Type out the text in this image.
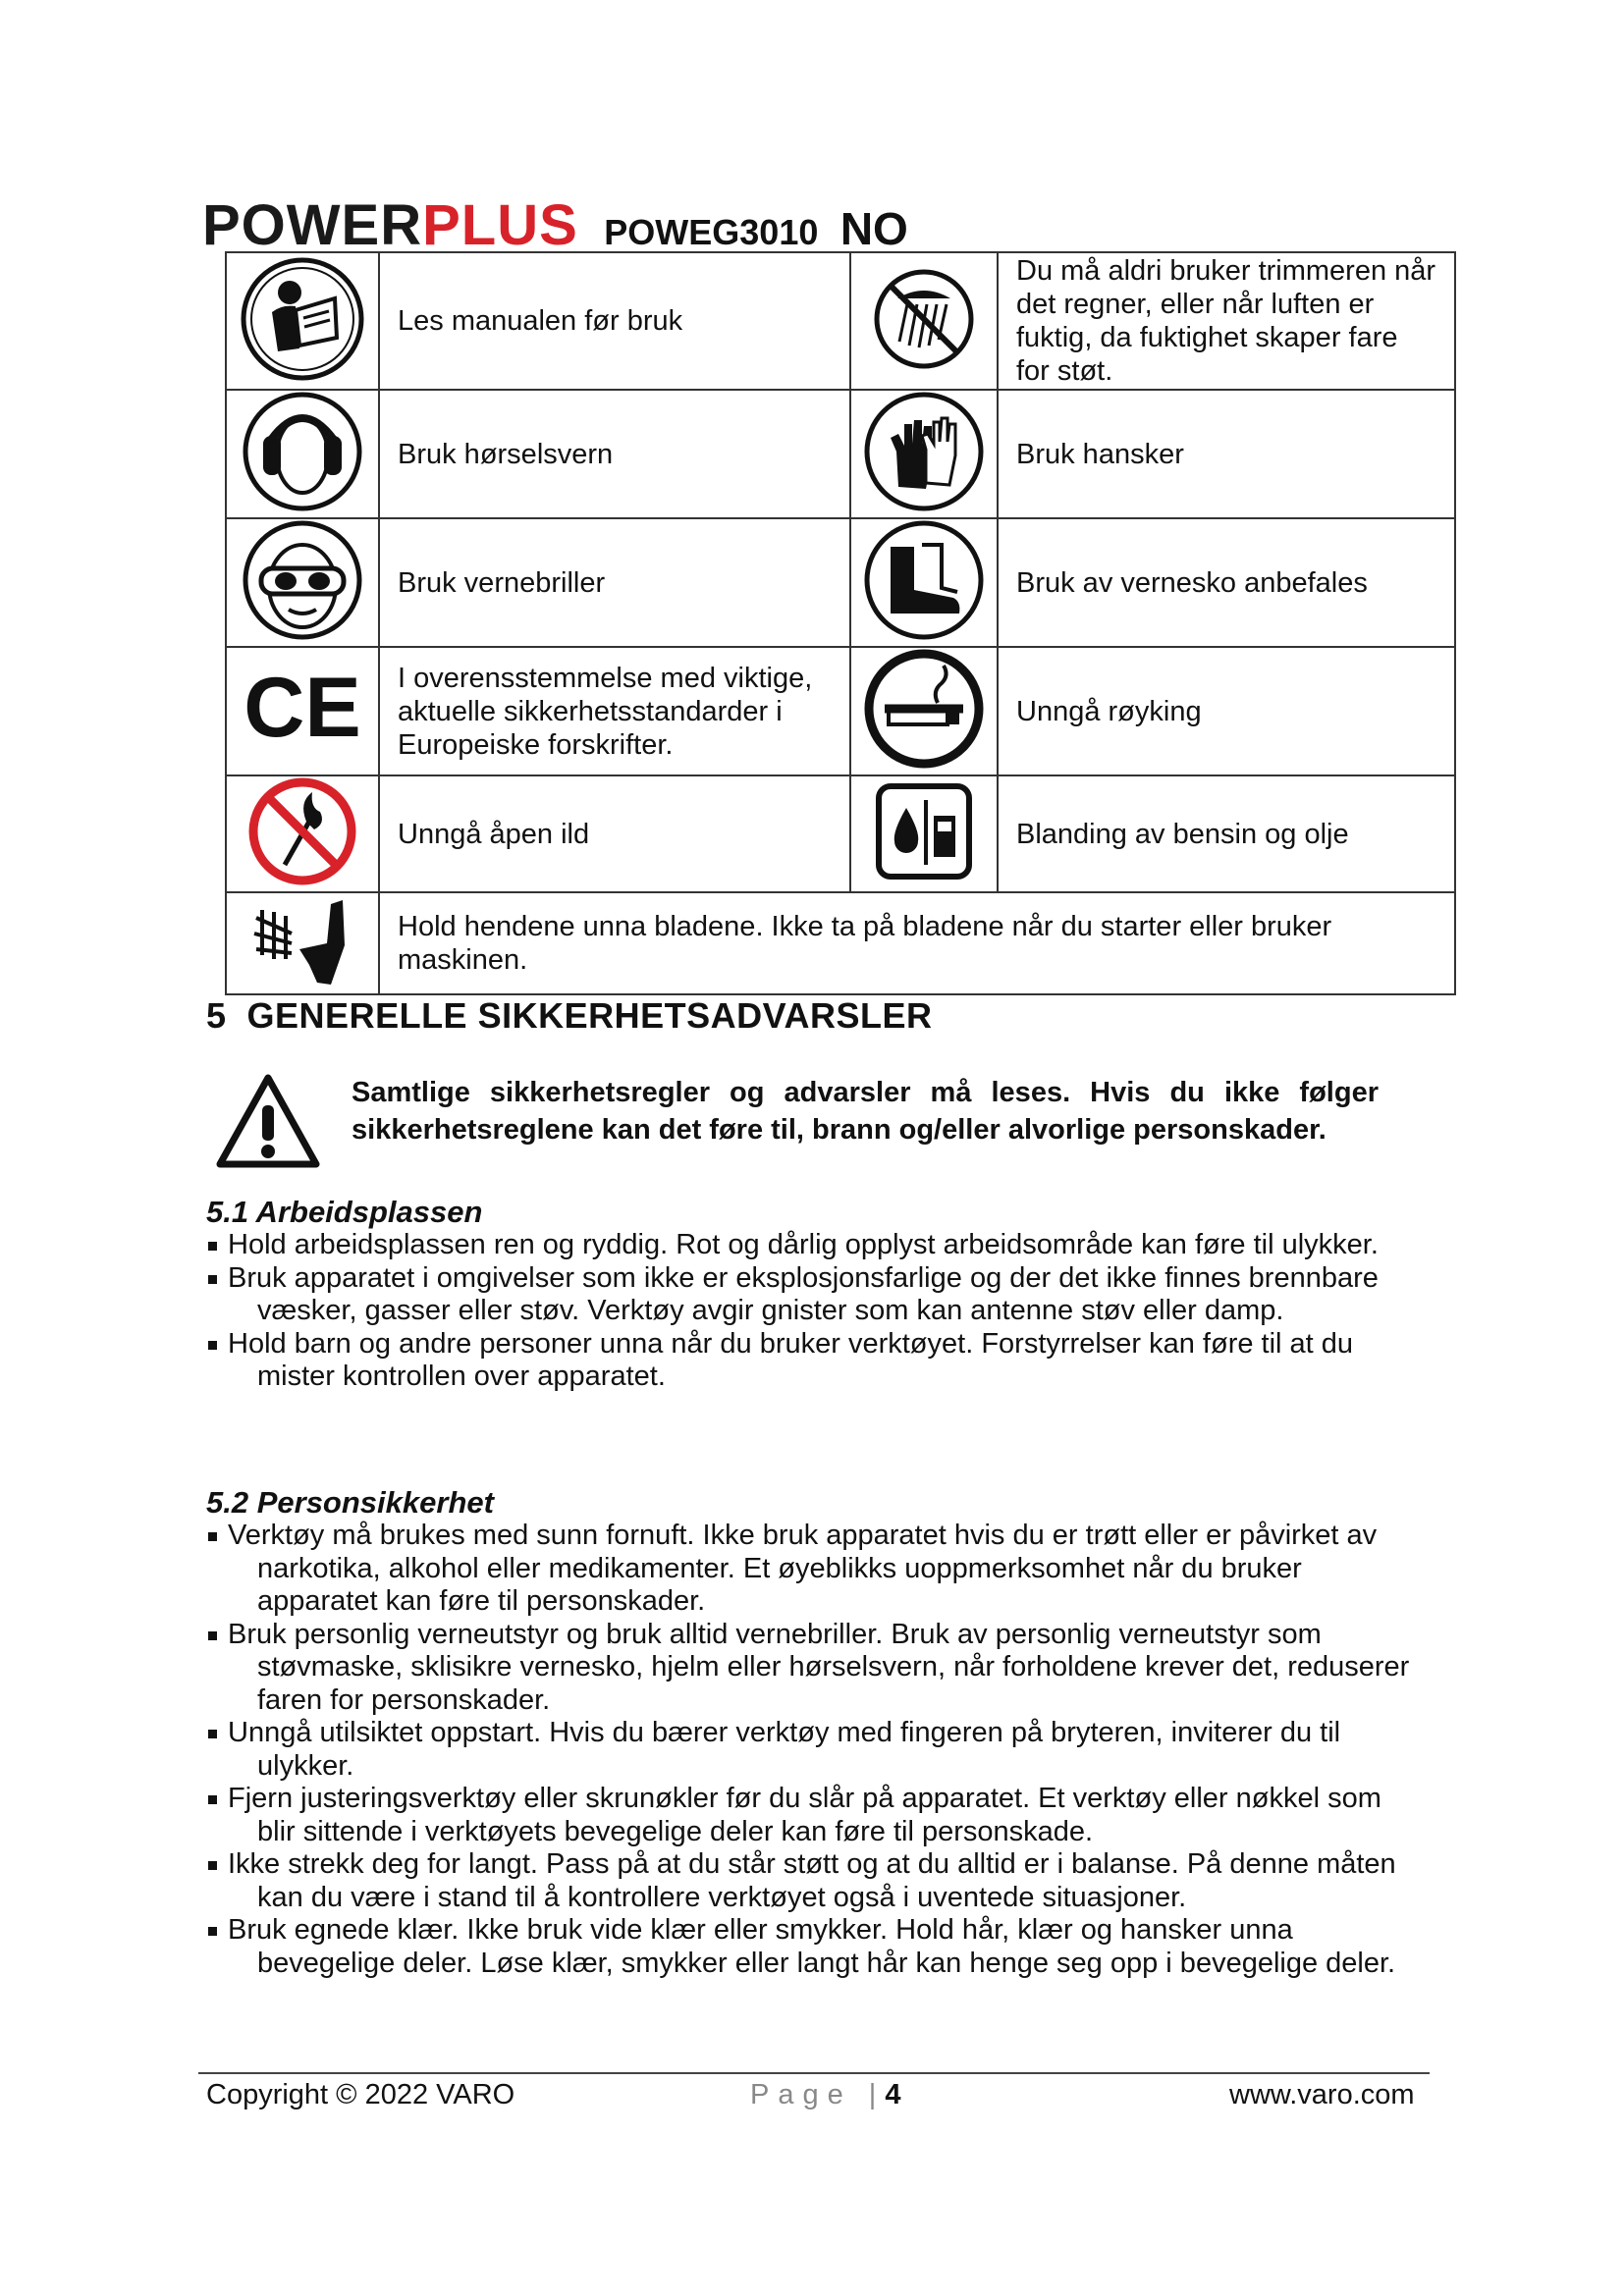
POWERPLUS POWEG3010 NO
	Les manualen før bruk		Du må aldri bruker trimmeren når det regner, eller når luften er fuktig, da fuktighet skaper fare for støt.
	Bruk hørselsvern		Bruk hansker
	Bruk vernebriller		Bruk av vernesko anbefales

CE	I overensstemmelse med viktige, aktuelle sikkerhetsstandarder i Europeiske forskrifter.		Unngå røyking
	Unngå åpen ild		Blanding av bensin og olje
	Hold hendene unna bladene. Ikke ta på bladene når du starter eller bruker maskinen.		
5 GENERELLE SIKKERHETSADVARSLER
Samtlige sikkerhetsregler og advarsler må leses. Hvis du ikke følger sikkerhetsreglene kan det føre til, brann og/eller alvorlige personskader.
5.1 Arbeidsplassen
Hold arbeidsplassen ren og ryddig. Rot og dårlig opplyst arbeidsområde kan føre til ulykker.
Bruk apparatet i omgivelser som ikke er eksplosjonsfarlige og der det ikke finnes brennbare væsker, gasser eller støv. Verktøy avgir gnister som kan antenne støv eller damp.
Hold barn og andre personer unna når du bruker verktøyet. Forstyrrelser kan føre til at du mister kontrollen over apparatet.
5.2 Personsikkerhet
Verktøy må brukes med sunn fornuft. Ikke bruk apparatet hvis du er trøtt eller er påvirket av narkotika, alkohol eller medikamenter. Et øyeblikks uoppmerksomhet når du bruker apparatet kan føre til personskader.
Bruk personlig verneutstyr og bruk alltid vernebriller. Bruk av personlig verneutstyr som støvmaske, sklisikre vernesko, hjelm eller hørselsvern, når forholdene krever det, reduserer faren for personskader.
Unngå utilsiktet oppstart. Hvis du bærer verktøy med fingeren på bryteren, inviterer du til ulykker.
Fjern justeringsverktøy eller skrunøkler før du slår på apparatet. Et verktøy eller nøkkel som blir sittende i verktøyets bevegelige deler kan føre til personskade.
Ikke strekk deg for langt. Pass på at du står støtt og at du alltid er i balanse. På denne måten kan du være i stand til å kontrollere verktøyet også i uventede situasjoner.
Bruk egnede klær. Ikke bruk vide klær eller smykker. Hold hår, klær og hansker unna bevegelige deler. Løse klær, smykker eller langt hår kan henge seg opp i bevegelige deler.
Copyright © 2022 VARO	Page |4	www.varo.com
